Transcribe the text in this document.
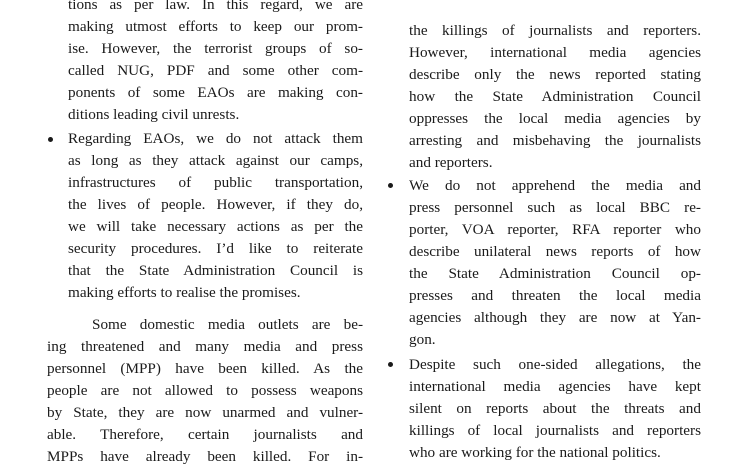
tions as per law. In this regard, we are
making utmost efforts to keep our prom-
ise. However, the terrorist groups of so-
called NUG, PDF and some other com-
ponents of some EAOs are making con-
ditions leading civil unrests.
Regarding EAOs, we do not attack them
as long as they attack against our camps,
infrastructures of public transportation,
the lives of people. However, if they do,
we will take necessary actions as per the
security procedures. I’d like to reiterate
that the State Administration Council is
making efforts to realise the promises.
Some domestic media outlets are be-
ing threatened and many media and press
personnel (MPP) have been killed. As the
people are not allowed to possess weapons
by State, they are now unarmed and vulner-
able. Therefore, certain journalists and
MPPs have already been killed. For in-
the killings of journalists and reporters.
However, international media agencies
describe only the news reported stating
how the State Administration Council
oppresses the local media agencies by
arresting and misbehaving the journalists
and reporters.
We do not apprehend the media and
press personnel such as local BBC re-
porter, VOA reporter, RFA reporter who
describe unilateral news reports of how
the State Administration Council op-
presses and threaten the local media
agencies although they are now at Yan-
gon.
Despite such one-sided allegations, the
international media agencies have kept
silent on reports about the threats and
killings of local journalists and reporters
who are working for the national politics.
